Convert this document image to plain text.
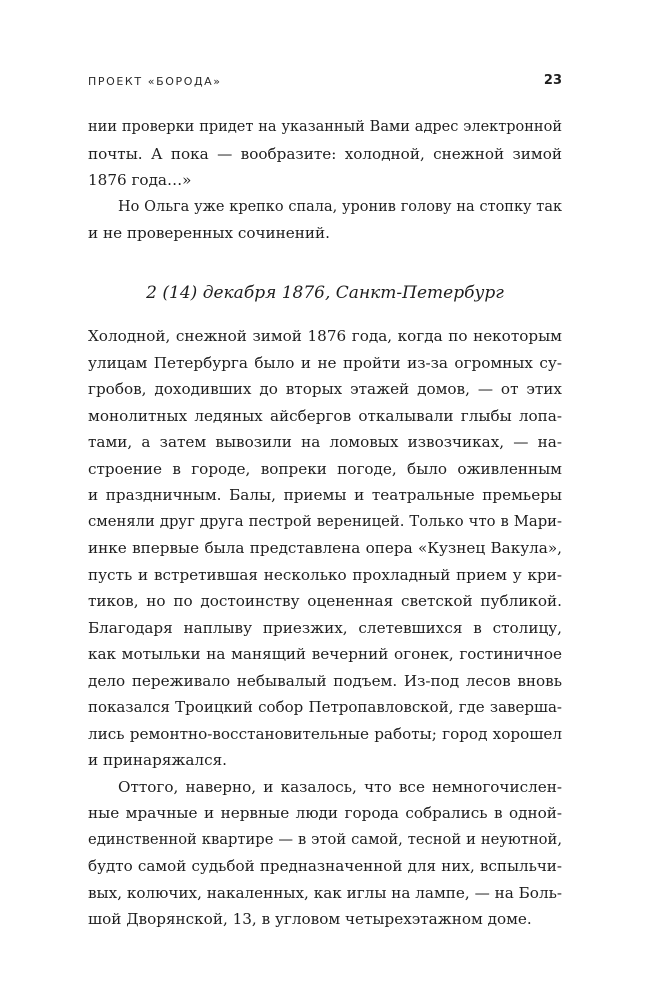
ПРОЕКТ «БОРОДА»	23
нии проверки придет на указанный Вами адрес электронной
почты. А пока — вообразите: холодной, снежной зимой
1876 года…»
Но Ольга уже крепко спала, уронив голову на стопку так
и не проверенных сочинений.
2 (14) декабря 1876, Санкт-Петербург
Холодной, снежной зимой 1876 года, когда по некоторым
улицам Петербурга было и не пройти из-за огромных су-
гробов, доходивших до вторых этажей домов, — от этих
монолитных ледяных айсбергов откалывали глыбы лопа-
тами, а затем вывозили на ломовых извозчиках, — на-
строение в городе, вопреки погоде, было оживленным
и праздничным. Балы, приемы и театральные премьеры
сменяли друг друга пестрой вереницей. Только что в Мари-
инке впервые была представлена опера «Кузнец Вакула»,
пусть и встретившая несколько прохладный прием у кри-
тиков, но по достоинству оцененная светской публикой.
Благодаря наплыву приезжих, слетевшихся в столицу,
как мотыльки на манящий вечерний огонек, гостиничное
дело переживало небывалый подъем. Из-под лесов вновь
показался Троицкий собор Петропавловской, где заверша-
лись ремонтно-восстановительные работы; город хорошел
и принаряжался.
Оттого, наверно, и казалось, что все немногочислен-
ные мрачные и нервные люди города собрались в одной-
единственной квартире — в этой самой, тесной и неуютной,
будто самой судьбой предназначенной для них, вспыльчи-
вых, колючих, накаленных, как иглы на лампе, — на Боль-
шой Дворянской, 13, в угловом четырехэтажном доме.
